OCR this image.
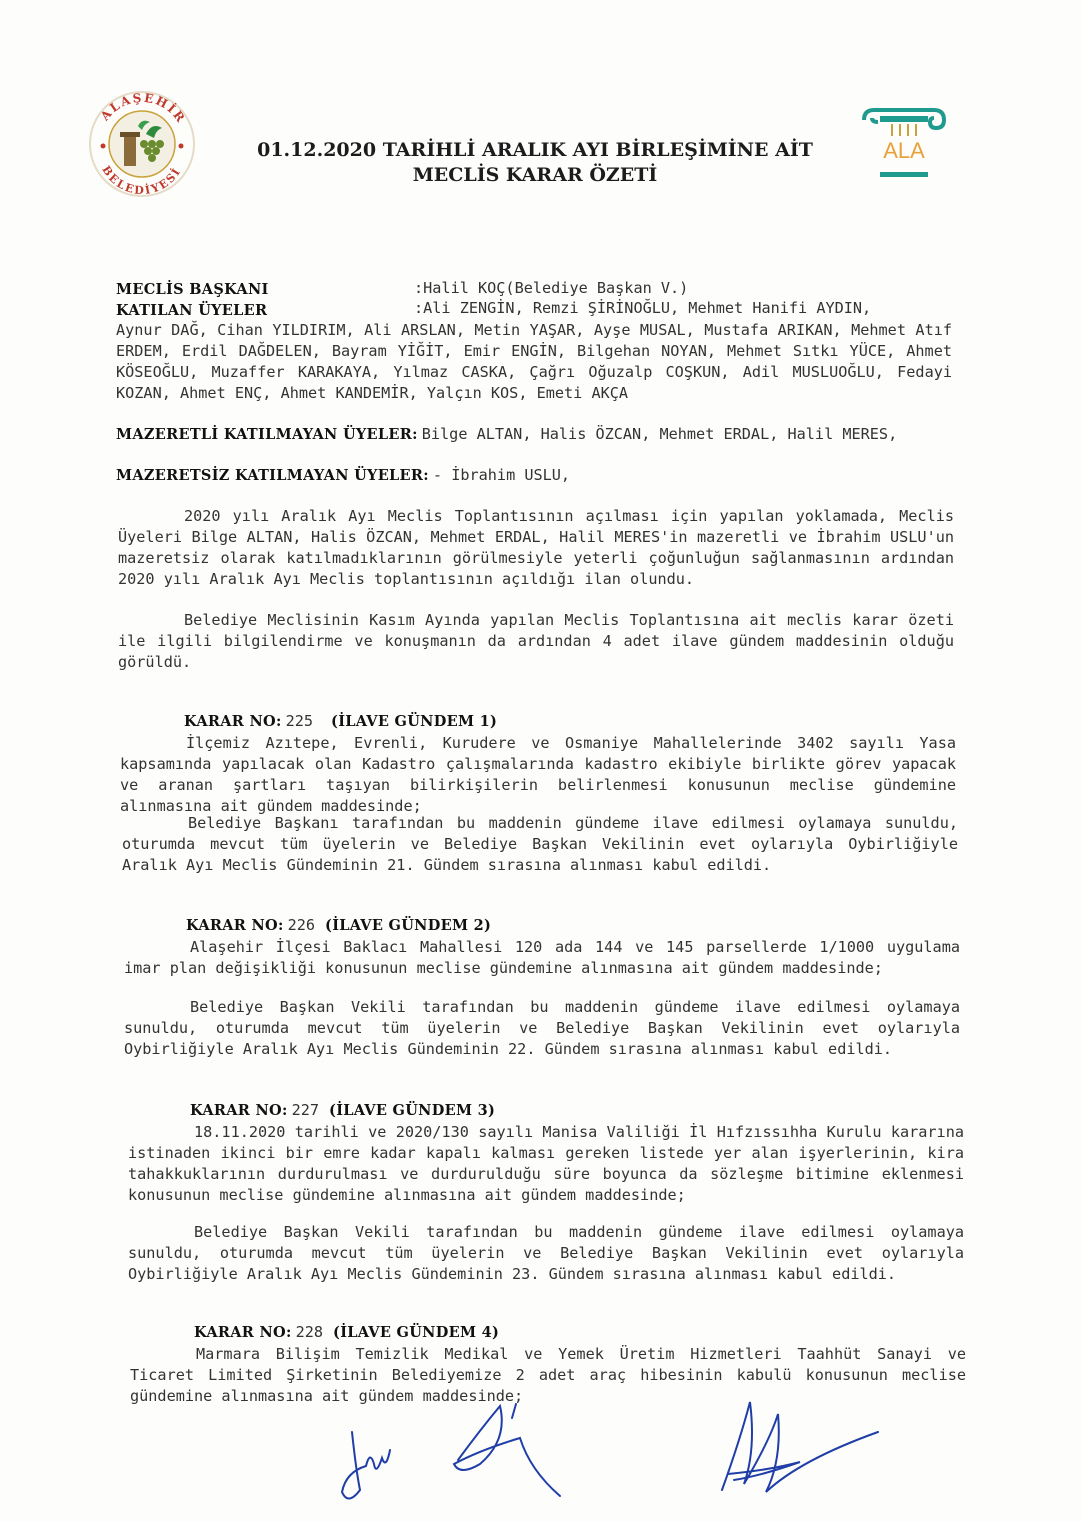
ALAŞEHİR
BELEDİYESİ
01.12.2020 TARİHLİ ARALIK AYI BİRLEŞİMİNE AİT
MECLİS KARAR ÖZETİ
ALA
MECLİS BAŞKANI	:Halil KOÇ(Belediye Başkan V.)
KATILAN ÜYELER	:Ali ZENGİN, Remzi ŞİRİNOĞLU, Mehmet Hanifi AYDIN,
Aynur DAĞ, Cihan YILDIRIM, Ali ARSLAN, Metin YAŞAR, Ayşe MUSAL, Mustafa ARIKAN, Mehmet Atıf ERDEM, Erdil DAĞDELEN, Bayram YİĞİT, Emir ENGİN, Bilgehan NOYAN, Mehmet Sıtkı YÜCE, Ahmet KÖSEOĞLU, Muzaffer KARAKAYA, Yılmaz CASKA, Çağrı Oğuzalp COŞKUN, Adil MUSLUOĞLU, Fedayi KOZAN, Ahmet ENÇ, Ahmet KANDEMİR, Yalçın KOS, Emeti AKÇA
MAZERETLİ KATILMAYAN ÜYELER: Bilge ALTAN, Halis ÖZCAN, Mehmet ERDAL, Halil MERES,
MAZERETSİZ KATILMAYAN ÜYELER: - İbrahim USLU,
2020 yılı Aralık Ayı Meclis Toplantısının açılması için yapılan yoklamada, Meclis Üyeleri Bilge ALTAN, Halis ÖZCAN, Mehmet ERDAL, Halil MERES'in mazeretli ve İbrahim USLU'un mazeretsiz olarak katılmadıklarının görülmesiyle yeterli çoğunluğun sağlanmasının ardından 2020 yılı Aralık Ayı Meclis toplantısının açıldığı ilan olundu.
Belediye Meclisinin Kasım Ayında yapılan Meclis Toplantısına ait meclis karar özeti ile ilgili bilgilendirme ve konuşmanın da ardından 4 adet ilave gündem maddesinin olduğu görüldü.
KARAR NO: 225 (İLAVE GÜNDEM 1)
İlçemiz Azıtepe, Evrenli, Kurudere ve Osmaniye Mahallelerinde 3402 sayılı Yasa kapsamında yapılacak olan Kadastro çalışmalarında kadastro ekibiyle birlikte görev yapacak ve aranan şartları taşıyan bilirkişilerin belirlenmesi konusunun meclise gündemine alınmasına ait gündem maddesinde;
Belediye Başkanı tarafından bu maddenin gündeme ilave edilmesi oylamaya sunuldu, oturumda mevcut tüm üyelerin ve Belediye Başkan Vekilinin evet oylarıyla Oybirliğiyle Aralık Ayı Meclis Gündeminin 21. Gündem sırasına alınması kabul edildi.
KARAR NO: 226 (İLAVE GÜNDEM 2)
Alaşehir İlçesi Baklacı Mahallesi 120 ada 144 ve 145 parsellerde 1/1000 uygulama imar plan değişikliği konusunun meclise gündemine alınmasına ait gündem maddesinde;
Belediye Başkan Vekili tarafından bu maddenin gündeme ilave edilmesi oylamaya sunuldu, oturumda mevcut tüm üyelerin ve Belediye Başkan Vekilinin evet oylarıyla Oybirliğiyle Aralık Ayı Meclis Gündeminin 22. Gündem sırasına alınması kabul edildi.
KARAR NO: 227 (İLAVE GÜNDEM 3)
18.11.2020 tarihli ve 2020/130 sayılı Manisa Valiliği İl Hıfzıssıhha Kurulu kararına istinaden ikinci bir emre kadar kapalı kalması gereken listede yer alan işyerlerinin, kira tahakkuklarının durdurulması ve durdurulduğu süre boyunca da sözleşme bitimine eklenmesi konusunun meclise gündemine alınmasına ait gündem maddesinde;
Belediye Başkan Vekili tarafından bu maddenin gündeme ilave edilmesi oylamaya sunuldu, oturumda mevcut tüm üyelerin ve Belediye Başkan Vekilinin evet oylarıyla Oybirliğiyle Aralık Ayı Meclis Gündeminin 23. Gündem sırasına alınması kabul edildi.
KARAR NO: 228 (İLAVE GÜNDEM 4)
Marmara Bilişim Temizlik Medikal ve Yemek Üretim Hizmetleri Taahhüt Sanayi ve Ticaret Limited Şirketinin Belediyemize 2 adet araç hibesinin kabulü konusunun meclise gündemine alınmasına ait gündem maddesinde;
